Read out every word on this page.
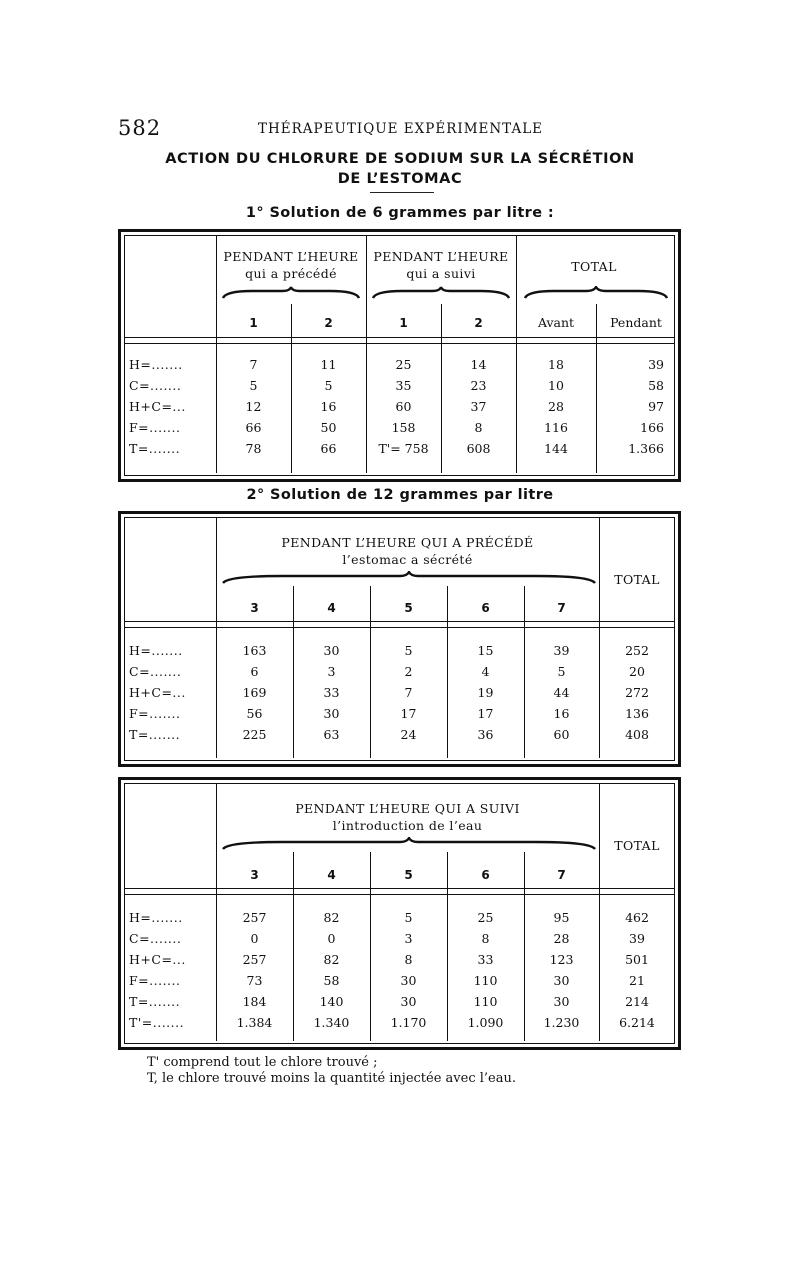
582	THÉRAPEUTIQUE EXPÉRIMENTALE
ACTION DU CHLORURE DE SODIUM SUR LA SÉCRÉTION
DE L’ESTOMAC
1° Solution de 6 grammes par litre :
PENDANT L’HEURE
qui a précédé
PENDANT L’HEURE
qui a suivi	TOTAL
1	2	1	2	Avant	Pendant
H=.......	7	11	25	14	18	39
C=.......	5	5	35	23	10	58
H+C=...	12	16	60	37	28	97
F=.......	66	50	158	8	116	166
T=.......	78	66	T'= 758	608	144	1.366
2° Solution de 12 grammes par litre
PENDANT L’HEURE QUI A PRÉCÉDÉ
l’estomac a sécrété
TOTAL
3	4	5	6	7
H=.......	163	30	5	15	39	252
C=.......	6	3	2	4	5	20
H+C=...	169	33	7	19	44	272
F=.......	56	30	17	17	16	136
T=.......	225	63	24	36	60	408
PENDANT L’HEURE QUI A SUIVI
l’introduction de l’eau
TOTAL
3	4	5	6	7
H=.......	257	82	5	25	95	462
C=.......	0	0	3	8	28	39
H+C=...	257	82	8	33	123	501
F=.......	73	58	30	110	30	21
T=.......	184	140	30	110	30	214
T'=.......	1.384	1.340	1.170	1.090	1.230	6.214
T' comprend tout le chlore trouvé ;
T, le chlore trouvé moins la quantité injectée avec l’eau.
